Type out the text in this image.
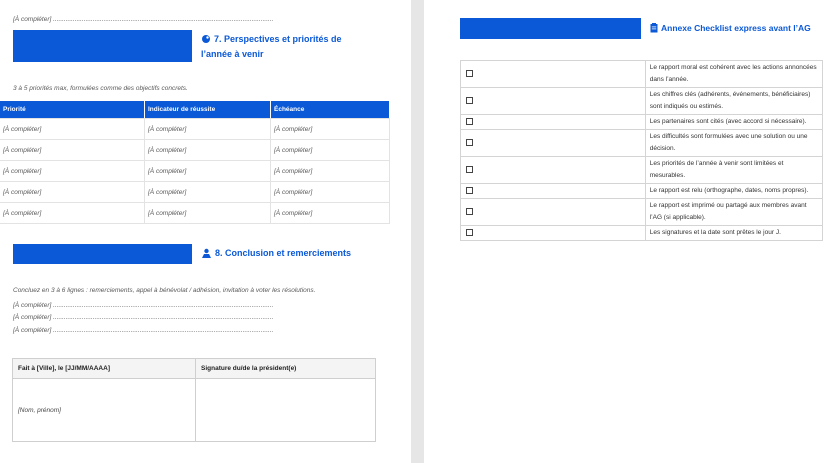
[À compléter] ..........................................................................................................................
7. Perspectives et priorités de
l’année à venir
3 à 5 priorités max, formulées comme des objectifs concrets.
Priorité	Indicateur de réussite	Échéance
[À compléter]	[À compléter]	[À compléter]
[À compléter]	[À compléter]	[À compléter]
[À compléter]	[À compléter]	[À compléter]
[À compléter]	[À compléter]	[À compléter]
[À compléter]	[À compléter]	[À compléter]
8. Conclusion et remerciements
Concluez en 3 à 6 lignes : remerciements, appel à bénévolat / adhésion, invitation à voter les résolutions.
[À compléter] ..........................................................................................................................
[À compléter] ..........................................................................................................................
[À compléter] ..........................................................................................................................
Fait à [Ville], le [JJ/MM/AAAA]	Signature du/de la président(e)
[Nom, prénom]	
Annexe Checklist express avant l’AG
	Le rapport moral est cohérent avec les actions annoncées dans l’année.
	Les chiffres clés (adhérents, événements, bénéficiaires) sont indiqués ou estimés.
	Les partenaires sont cités (avec accord si nécessaire).
	Les difficultés sont formulées avec une solution ou une décision.
	Les priorités de l’année à venir sont limitées et mesurables.
	Le rapport est relu (orthographe, dates, noms propres).
	Le rapport est imprimé ou partagé aux membres avant l’AG (si applicable).
	Les signatures et la date sont prêtes le jour J.
